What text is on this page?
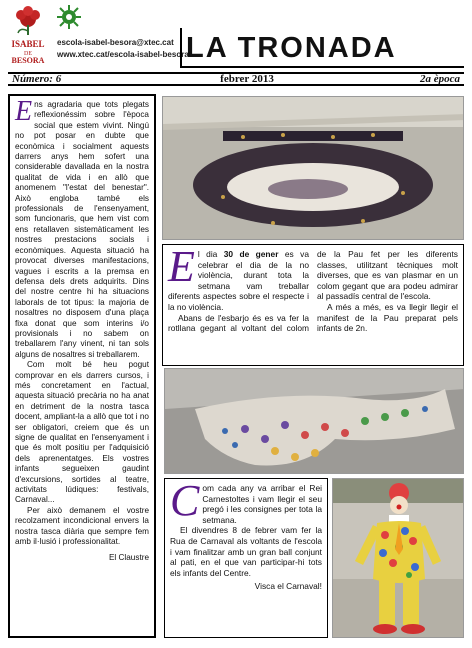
ISABEL
DE
BESORA
escola-isabel-besora@xtec.cat
www.xtec.cat/escola-isabel-besora
LA TRONADA
Número: 6	febrer 2013	2a època

Ens agradaria que tots plegats reflexionéssim sobre l'època social que estem vivint. Ningú no pot posar en dubte que econòmica i socialment aquests darrers anys hem sofert una considerable davallada en la nostra qualitat de vida i en allò que anomenem "l'estat del benestar". Això engloba també els professionals de l'ensenyament, som funcionaris, que hem vist com ens retallaven sistemàticament les nostres prestacions socials i econòmiques. Aquesta situació ha provocat diverses manifestacions, vagues i escrits a la premsa en defensa dels drets adquirits. Dins del nostre centre hi ha situacions laborals de tot tipus: la majoria de nosaltres no disposem d'una plaça fixa donat que som interins i/o provisionals i no sabem on treballarem l'any vinent, ni tan sols alguns de nosaltres si treballarem.

Com molt bé heu pogut comprovar en els darrers cursos, i més concretament en l'actual, aquesta situació precària no ha anat en detriment de la nostra tasca docent, ampliant-la a allò que tot i no ser obligatori, creiem que és un signe de qualitat en l'ensenyament i que és molt positiu per l'adquisició dels aprenentatges. Els vostres infants segueixen gaudint d'excursions, sortides al teatre, activitats lúdiques: festivals, Carnaval...

Per això demanem el vostre recolzament incondicional envers la nostra tasca diària que sempre fem amb il·lusió i professionalitat.

El Claustre

El dia 30 de gener es va celebrar el dia de la no violència, durant tota la setmana vam treballar diferents aspectes sobre el respecte i la no violència.

Abans de l'esbarjo és es va fer la rotllana gegant al voltant del colom de la Pau fet per les diferents classes, utilitzant tècniques molt diverses, que es van plasmar en un colom gegant que ara podeu admirar al passadís central de l'escola.

A més a més, es va llegir llegir el manifest de la Pau preparat pels infants de 2n.

Com cada any va arribar el Rei Carnestoltes i vam llegir el seu pregó i les consignes per tota la setmana.

El divendres 8 de febrer vam fer la Rua de Carnaval als voltants de l'escola i vam finalitzar amb un gran ball conjunt al pati, en el que van participar-hi tots els infants del Centre.

Visca el Carnaval!
